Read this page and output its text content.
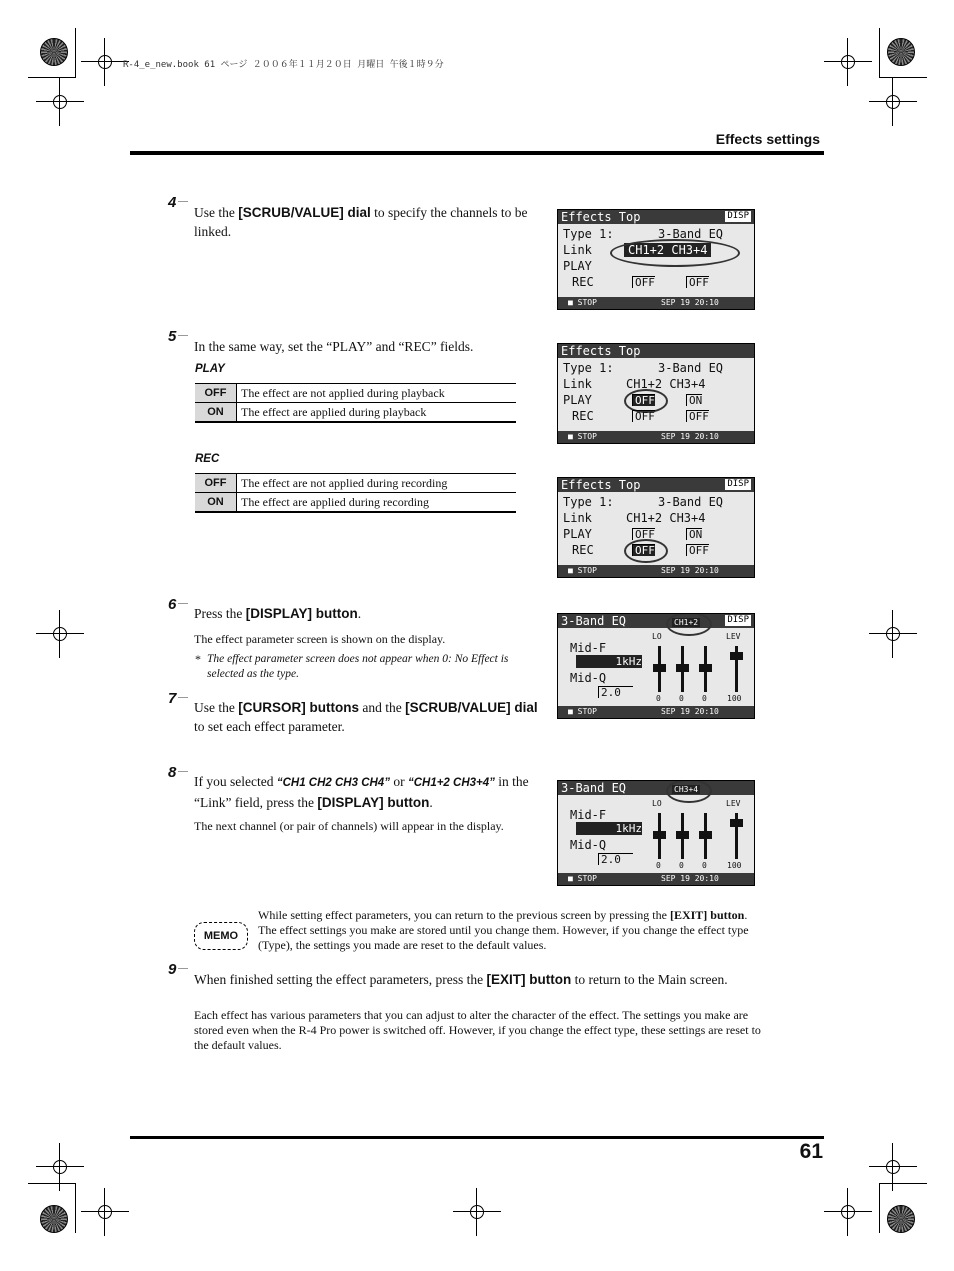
R-4_e_new.book 61 ページ ２００６年１１月２０日 月曜日 午後１時９分
Effects settings
4
Use the [SCRUB/VALUE] dial to specify the channels to be linked.
Effects Top	DISP
Type 1:	3-Band EQ
Link	CH1+2 CH3+4
PLAY
REC	OFF	OFF
■ STOP	SEP 19 20:10
5
In the same way, set the “PLAY” and “REC” fields.
PLAY
OFF	The effect are not applied during playback
ON	The effect are applied during playback
REC
OFF	The effect are not applied during recording
ON	The effect are applied during recording
Effects Top
Type 1:	3-Band EQ
Link	CH1+2 CH3+4
PLAY	OFF	ON
REC	OFF	OFF
■ STOP	SEP 19 20:10
Effects Top	DISP
Type 1:	3-Band EQ
Link	CH1+2 CH3+4
PLAY	OFF	ON
REC	OFF	OFF
■ STOP	SEP 19 20:10
6
Press the [DISPLAY] button.
The effect parameter screen is shown on the display.
* The effect parameter screen does not appear when 0: No Effect is selected as the type.
3-Band EQ	DISP
CH1+2
LO	LEV
Mid-F
1kHz
Mid-Q
2.0	0 0 0	100
■ STOP	SEP 19 20:10
7
Use the [CURSOR] buttons and the [SCRUB/VALUE] dial to set each effect parameter.
8
If you selected “CH1 CH2 CH3 CH4” or “CH1+2 CH3+4” in the “Link” field, press the [DISPLAY] button.
The next channel (or pair of channels) will appear in the display.
3-Band EQ	CH3+4
LO	LEV
Mid-F
1kHz
Mid-Q
2.0	0 0 0	100
■ STOP	SEP 19 20:10
MEMO
While setting effect parameters, you can return to the previous screen by pressing the [EXIT] button. The effect settings you make are stored until you change them. However, if you change the effect type (Type), the settings you made are reset to the default values.
9
When finished setting the effect parameters, press the [EXIT] button to return to the Main screen.
Each effect has various parameters that you can adjust to alter the character of the effect. The settings you make are stored even when the R-4 Pro power is switched off. However, if you change the effect type, these settings are reset to the default values.
61
